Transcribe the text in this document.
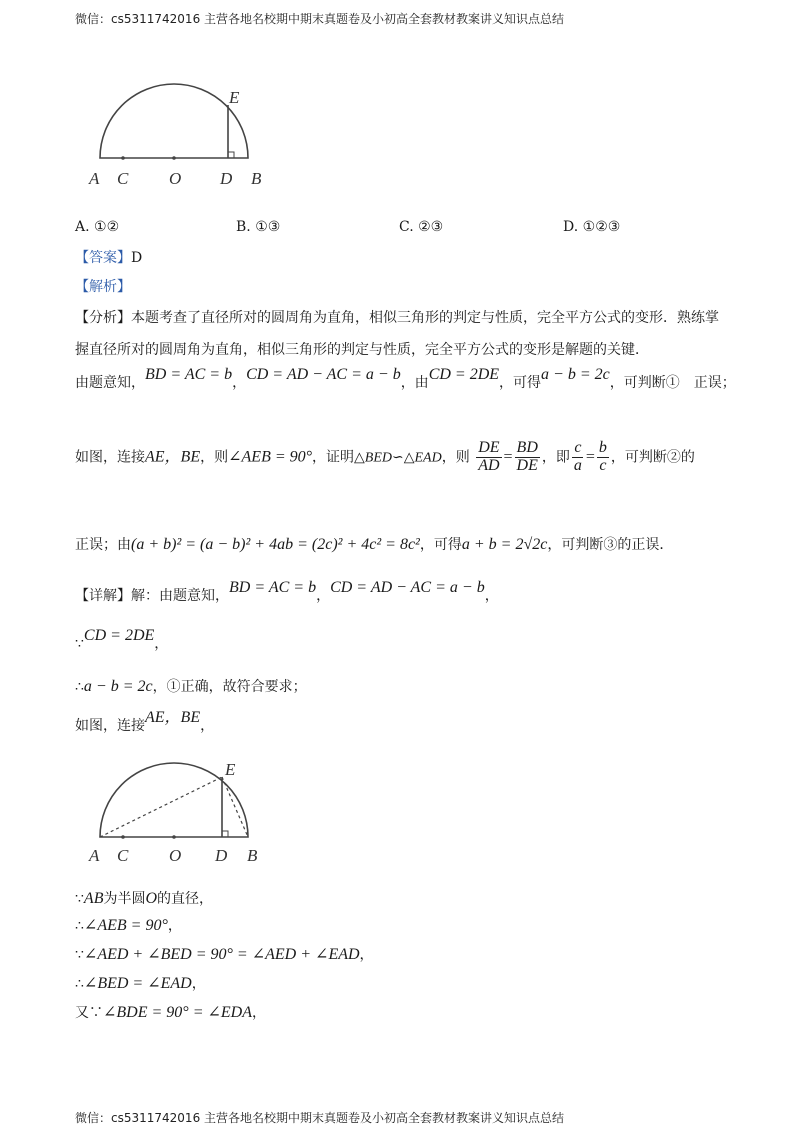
微信：cs5311742016 主营各地名校期中期末真题卷及小初高全套教材教案讲义知识点总结
A C O D B
E
A. ①②	B. ①③	C. ②③	D. ①②③
【答案】D
【解析】
【分析】本题考查了直径所对的圆周角为直角，相似三角形的判定与性质，完全平方公式的变形．熟练掌
握直径所对的圆周角为直角，相似三角形的判定与性质，完全平方公式的变形是解题的关键．
由题意知，BD = AC = b，CD = AD − AC = a − b，由CD = 2DE，可得a − b = 2c，可判断①　正误；
如图，连接AE，BE，则∠AEB = 90°，证明△BED∽△EAD，则 $\frac{DE}{AD} = \frac{BD}{DE}$ ，即 $\frac{c}{a} = \frac{b}{c}$ ，可判断②的
正误；由(a + b)² = (a − b)² + 4ab = (2c)² + 4c² = 8c²，可得a + b = 2√2c，可判断③的正误．
【详解】解：由题意知，BD = AC = b，CD = AD − AC = a − b，
∵CD = 2DE，
∴a − b = 2c，①正确，故符合要求；
如图，连接AE，BE，
A C O D B
E
∵AB为半圆O的直径，
∴∠AEB = 90°，
∵∠AED + ∠BED = 90° = ∠AED + ∠EAD，
∴∠BED = ∠EAD，
又∵∠BDE = 90° = ∠EDA，
微信：cs5311742016 主营各地名校期中期末真题卷及小初高全套教材教案讲义知识点总结
